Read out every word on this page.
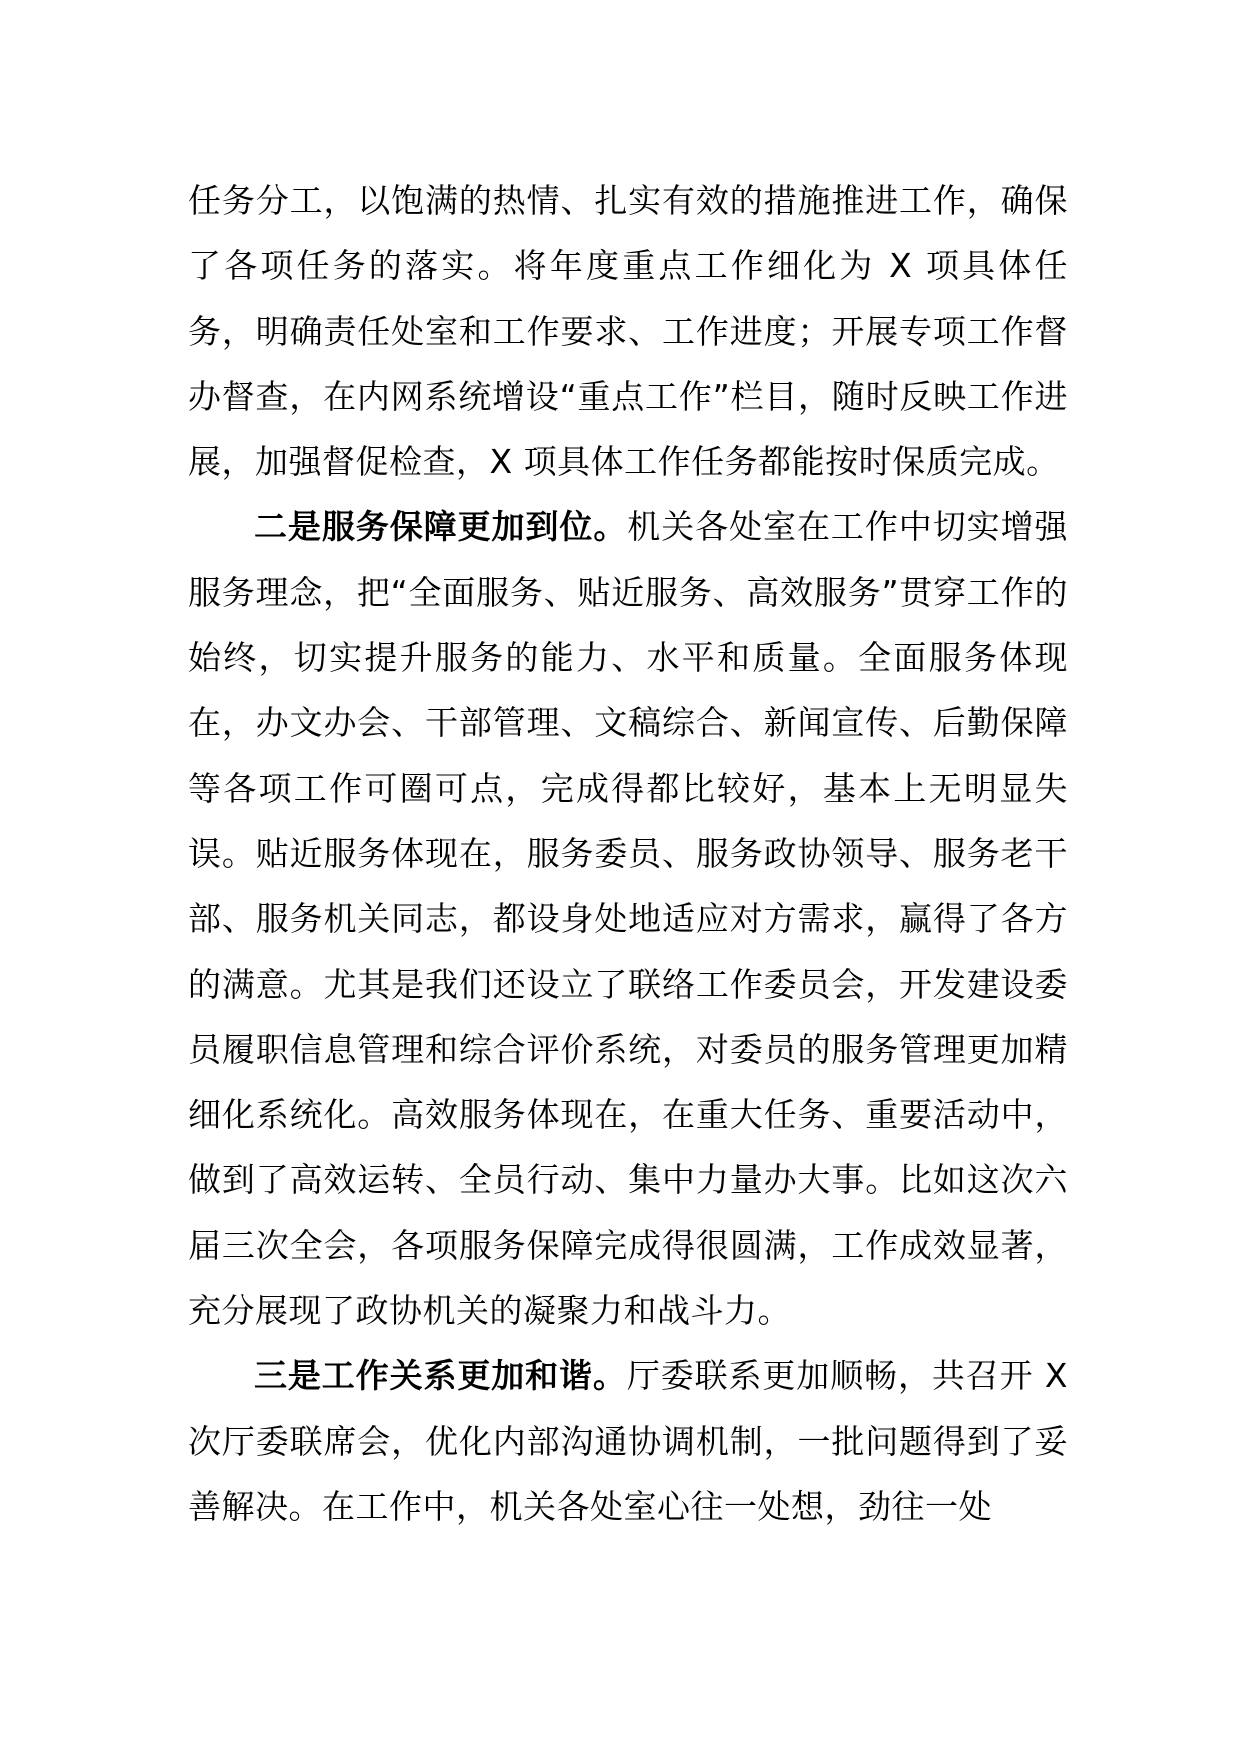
任务分工，以饱满的热情、扎实有效的措施推进工作，确保了各项任务的落实。将年度重点工作细化为 X 项具体任务，明确责任处室和工作要求、工作进度；开展专项工作督办督查，在内网系统增设“重点工作”栏目，随时反映工作进展，加强督促检查，X 项具体工作任务都能按时保质完成。

二是服务保障更加到位。机关各处室在工作中切实增强服务理念，把“全面服务、贴近服务、高效服务”贯穿工作的始终，切实提升服务的能力、水平和质量。全面服务体现在，办文办会、干部管理、文稿综合、新闻宣传、后勤保障等各项工作可圈可点，完成得都比较好，基本上无明显失误。贴近服务体现在，服务委员、服务政协领导、服务老干部、服务机关同志，都设身处地适应对方需求，赢得了各方的满意。尤其是我们还设立了联络工作委员会，开发建设委员履职信息管理和综合评价系统，对委员的服务管理更加精细化系统化。高效服务体现在，在重大任务、重要活动中，做到了高效运转、全员行动、集中力量办大事。比如这次六届三次全会，各项服务保障完成得很圆满，工作成效显著，充分展现了政协机关的凝聚力和战斗力。

三是工作关系更加和谐。厅委联系更加顺畅，共召开 X 次厅委联席会，优化内部沟通协调机制，一批问题得到了妥善解决。在工作中，机关各处室心往一处想，劲往一处
